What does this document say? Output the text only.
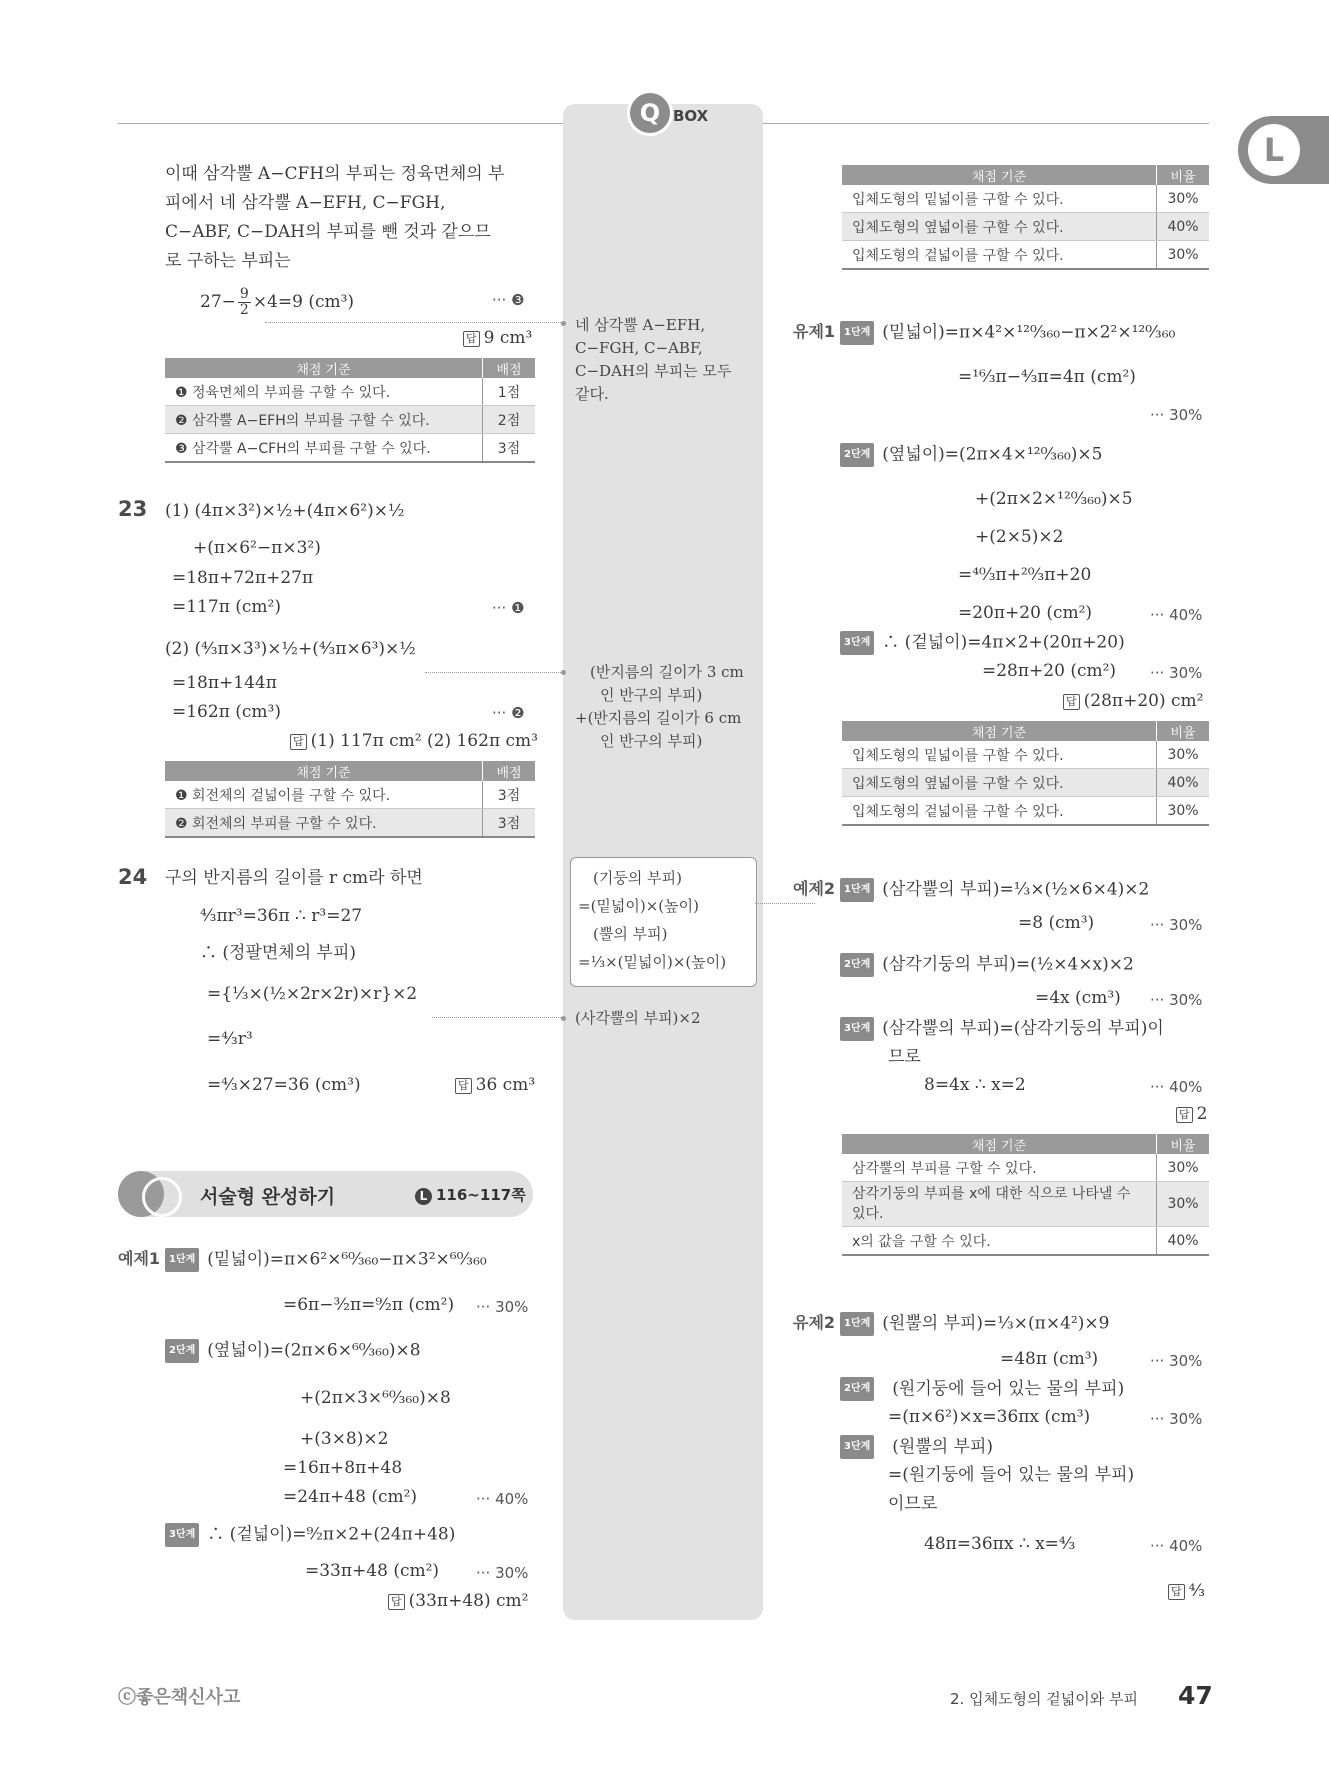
Q BOX
L
이때 삼각뿔 A−CFH의 부피는 정육면체의 부
피에서 네 삼각뿔 A−EFH, C−FGH,
C−ABF, C−DAH의 부피를 뺀 것과 같으므
로 구하는 부피는
$27- \frac{9}{2} \times 4=9$ (cm³)	··· ❸
답 9 cm³
채점 기준	배점
❶ 정육면체의 부피를 구할 수 있다.	1점
❷ 삼각뿔 A−EFH의 부피를 구할 수 있다.	2점
❸ 삼각뿔 A−CFH의 부피를 구할 수 있다.	3점
23 (1) (4π×3²)×½+(4π×6²)×½
+(π×6²−π×3²)
=18π+72π+27π
=117π (cm²)	··· ❶
(2) (⁴⁄₃π×3³)×½+(⁴⁄₃π×6³)×½
=18π+144π
=162π (cm³)	··· ❷
답 (1) 117π cm² (2) 162π cm³
채점 기준	배점
❶ 회전체의 겉넓이를 구할 수 있다.	3점
❷ 회전체의 부피를 구할 수 있다.	3점
24 구의 반지름의 길이를 r cm라 하면
⁴⁄₃πr³=36π ∴ r³=27
∴ (정팔면체의 부피)
={⅓×(½×2r×2r)×r}×2
=⁴⁄₃r³
=⁴⁄₃×27=36 (cm³)	답 36 cm³
서술형 완성하기	L 116~117쪽
예제1 1단계 (밑넓이)=π×6²×⁶⁰⁄₃₆₀−π×3²×⁶⁰⁄₃₆₀
=6π−³⁄₂π=⁹⁄₂π (cm²) ··· 30%
2단계 (옆넓이)=(2π×6×⁶⁰⁄₃₆₀)×8
+(2π×3×⁶⁰⁄₃₆₀)×8
+(3×8)×2
=16π+8π+48
=24π+48 (cm²)	··· 40%
3단계 ∴ (겉넓이)=⁹⁄₂π×2+(24π+48)
=33π+48 (cm²) ··· 30%
답 (33π+48) cm²
네 삼각뿔 A−EFH,
C−FGH, C−ABF,
C−DAH의 부피는 모두
같다.
(반지름의 길이가 3 cm
인 반구의 부피)
+(반지름의 길이가 6 cm
인 반구의 부피)
(기둥의 부피)
=(밑넓이)×(높이)
(뿔의 부피)
=⅓×(밑넓이)×(높이)
(사각뿔의 부피)×2
채점 기준	비율
입체도형의 밑넓이를 구할 수 있다.	30%
입체도형의 옆넓이를 구할 수 있다.	40%
입체도형의 겉넓이를 구할 수 있다.	30%
유제1 1단계 (밑넓이)=π×4²×¹²⁰⁄₃₆₀−π×2²×¹²⁰⁄₃₆₀
=¹⁶⁄₃π−⁴⁄₃π=4π (cm²)
··· 30%
2단계 (옆넓이)=(2π×4×¹²⁰⁄₃₆₀)×5
+(2π×2×¹²⁰⁄₃₆₀)×5
+(2×5)×2
=⁴⁰⁄₃π+²⁰⁄₃π+20
=20π+20 (cm²)	··· 40%
3단계 ∴ (겉넓이)=4π×2+(20π+20)
=28π+20 (cm²) ··· 30%
답 (28π+20) cm²
채점 기준	비율
입체도형의 밑넓이를 구할 수 있다.	30%
입체도형의 옆넓이를 구할 수 있다.	40%
입체도형의 겉넓이를 구할 수 있다.	30%
예제2 1단계 (삼각뿔의 부피)=⅓×(½×6×4)×2
=8 (cm³)	··· 30%
2단계 (삼각기둥의 부피)=(½×4×x)×2
=4x (cm³) ··· 30%
3단계 (삼각뿔의 부피)=(삼각기둥의 부피)이
므로
8=4x ∴ x=2	··· 40%
답 2
채점 기준	비율
삼각뿔의 부피를 구할 수 있다.	30%
삼각기둥의 부피를 x에 대한 식으로 나타낼 수 있다.	30%
x의 값을 구할 수 있다.	40%
유제2 1단계 (원뿔의 부피)=⅓×(π×4²)×9
=48π (cm³)	··· 30%
2단계 (원기둥에 들어 있는 물의 부피)
=(π×6²)×x=36πx (cm³)	··· 30%
3단계 (원뿔의 부피)
=(원기둥에 들어 있는 물의 부피)
이므로
48π=36πx ∴ x=⁴⁄₃	··· 40%
답 ⁴⁄₃
ⓒ좋은책신사고	2. 입체도형의 겉넓이와 부피 47
